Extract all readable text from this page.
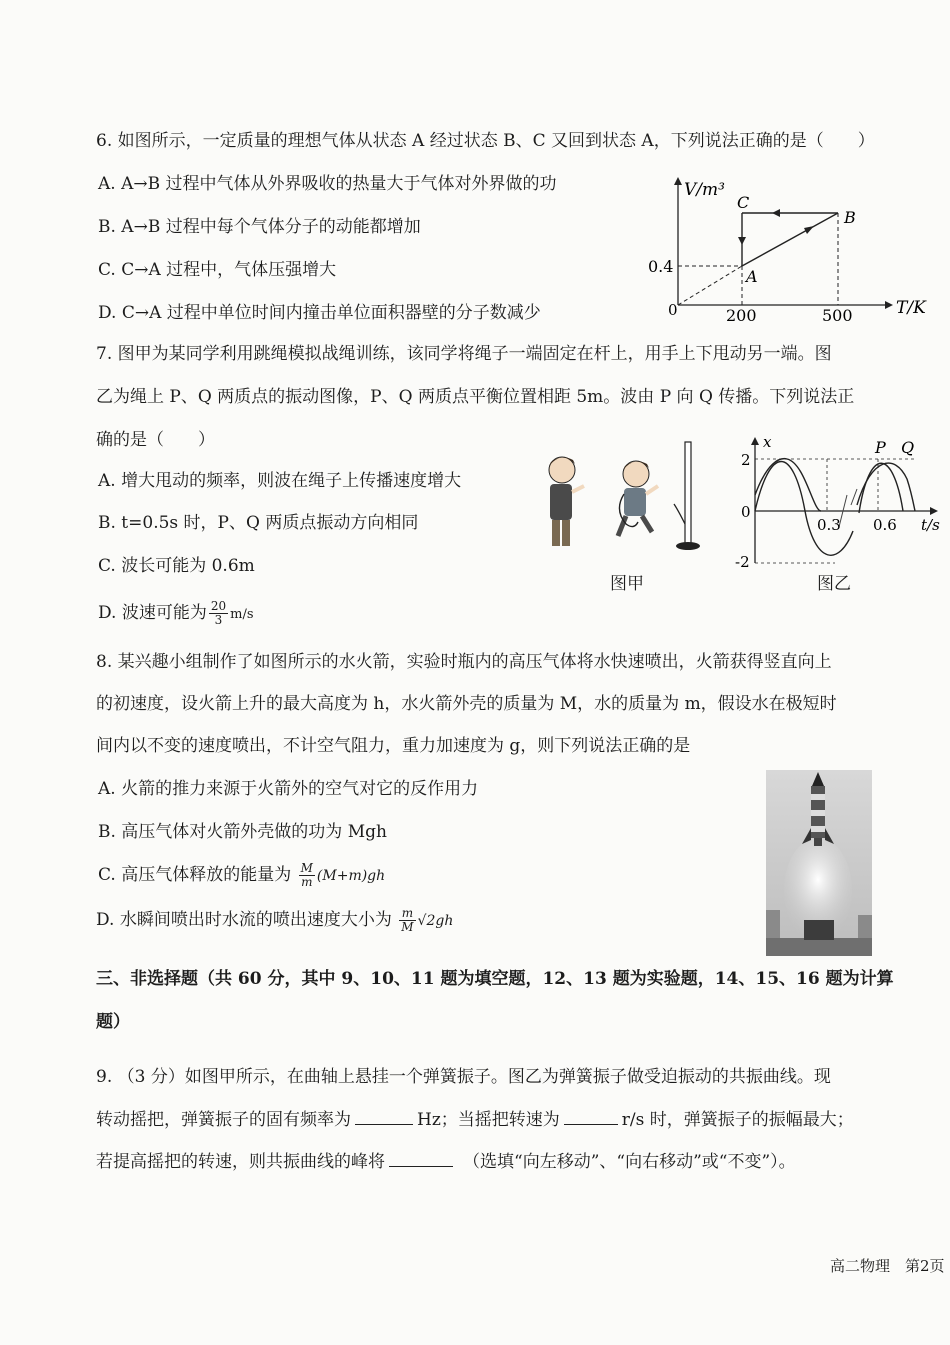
6. 如图所示，一定质量的理想气体从状态 A 经过状态 B、C 又回到状态 A，下列说法正确的是（　　）
A. A→B 过程中气体从外界吸收的热量大于气体对外界做的功
B. A→B 过程中每个气体分子的动能都增加
C. C→A 过程中，气体压强增大
D. C→A 过程中单位时间内撞击单位面积器壁的分子数减少
V/m³
T/K
0
0.4
200	500
A
B
C
7. 图甲为某同学利用跳绳模拟战绳训练，该同学将绳子一端固定在杆上，用手上下甩动另一端。图
乙为绳上 P、Q 两质点的振动图像，P、Q 两质点平衡位置相距 5m。波由 P 向 Q 传播。下列说法正
确的是（　　）
A. 增大甩动的频率，则波在绳子上传播速度增大
B. t=0.5s 时，P、Q 两质点振动方向相同
C. 波长可能为 0.6m
D. 波速可能为 $\frac{20}{3} m/s$
图甲
x
t/s
2
0
-2
0.3 0.6
P Q
图乙
8. 某兴趣小组制作了如图所示的水火箭，实验时瓶内的高压气体将水快速喷出，火箭获得竖直向上
的初速度，设火箭上升的最大高度为 h，水火箭外壳的质量为 M，水的质量为 m，假设水在极短时
间内以不变的速度喷出，不计空气阻力，重力加速度为 g，则下列说法正确的是
A. 火箭的推力来源于火箭外的空气对它的反作用力
B. 高压气体对火箭外壳做的功为 Mgh
C. 高压气体释放的能量为 $\frac{M}{m} (M+m)gh$
D. 水瞬间喷出时水流的喷出速度大小为 $\frac{m}{M} √2gh$
三、非选择题（共 60 分，其中 9、10、11 题为填空题，12、13 题为实验题，14、15、16 题为计算
题）
9. （3 分）如图甲所示，在曲轴上悬挂一个弹簧振子。图乙为弹簧振子做受迫振动的共振曲线。现
转动摇把，弹簧振子的固有频率为	Hz；当摇把转速为	r/s 时，弹簧振子的振幅最大；
若提高摇把的转速，则共振曲线的峰将	（选填“向左移动”、“向右移动”或“不变”）。
高二物理　第2页
